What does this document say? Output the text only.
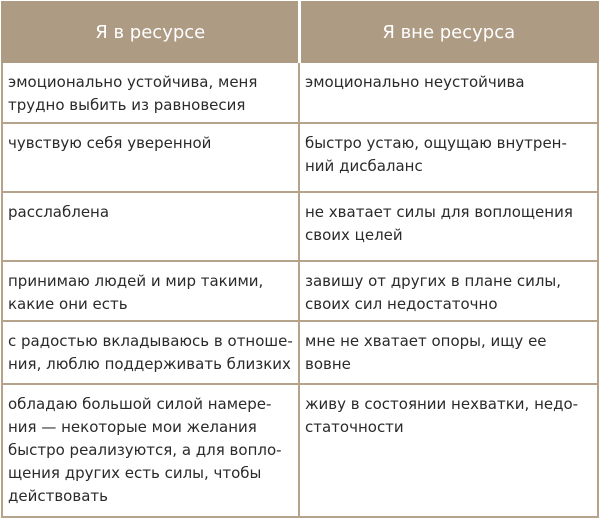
Я в ресурсе	Я вне ресурса

эмоционально устойчива, меня
трудно выбить из равновесия	эмоционально неустойчива

чувствую себя уверенной	быстро устаю, ощущаю внутрен-
ний дисбаланс

расслаблена	не хватает силы для воплощения
своих целей

принимаю людей и мир такими,
какие они есть	завишу от других в плане силы,
своих сил недостаточно

с радостью вкладываюсь в отноше-
ния, люблю поддерживать близких	мне не хватает опоры, ищу ее
вовне

обладаю большой силой намере-
ния — некоторые мои желания
быстро реализуются, а для вопло-
щения других есть силы, чтобы
действовать	живу в состоянии нехватки, недо-
статочности
